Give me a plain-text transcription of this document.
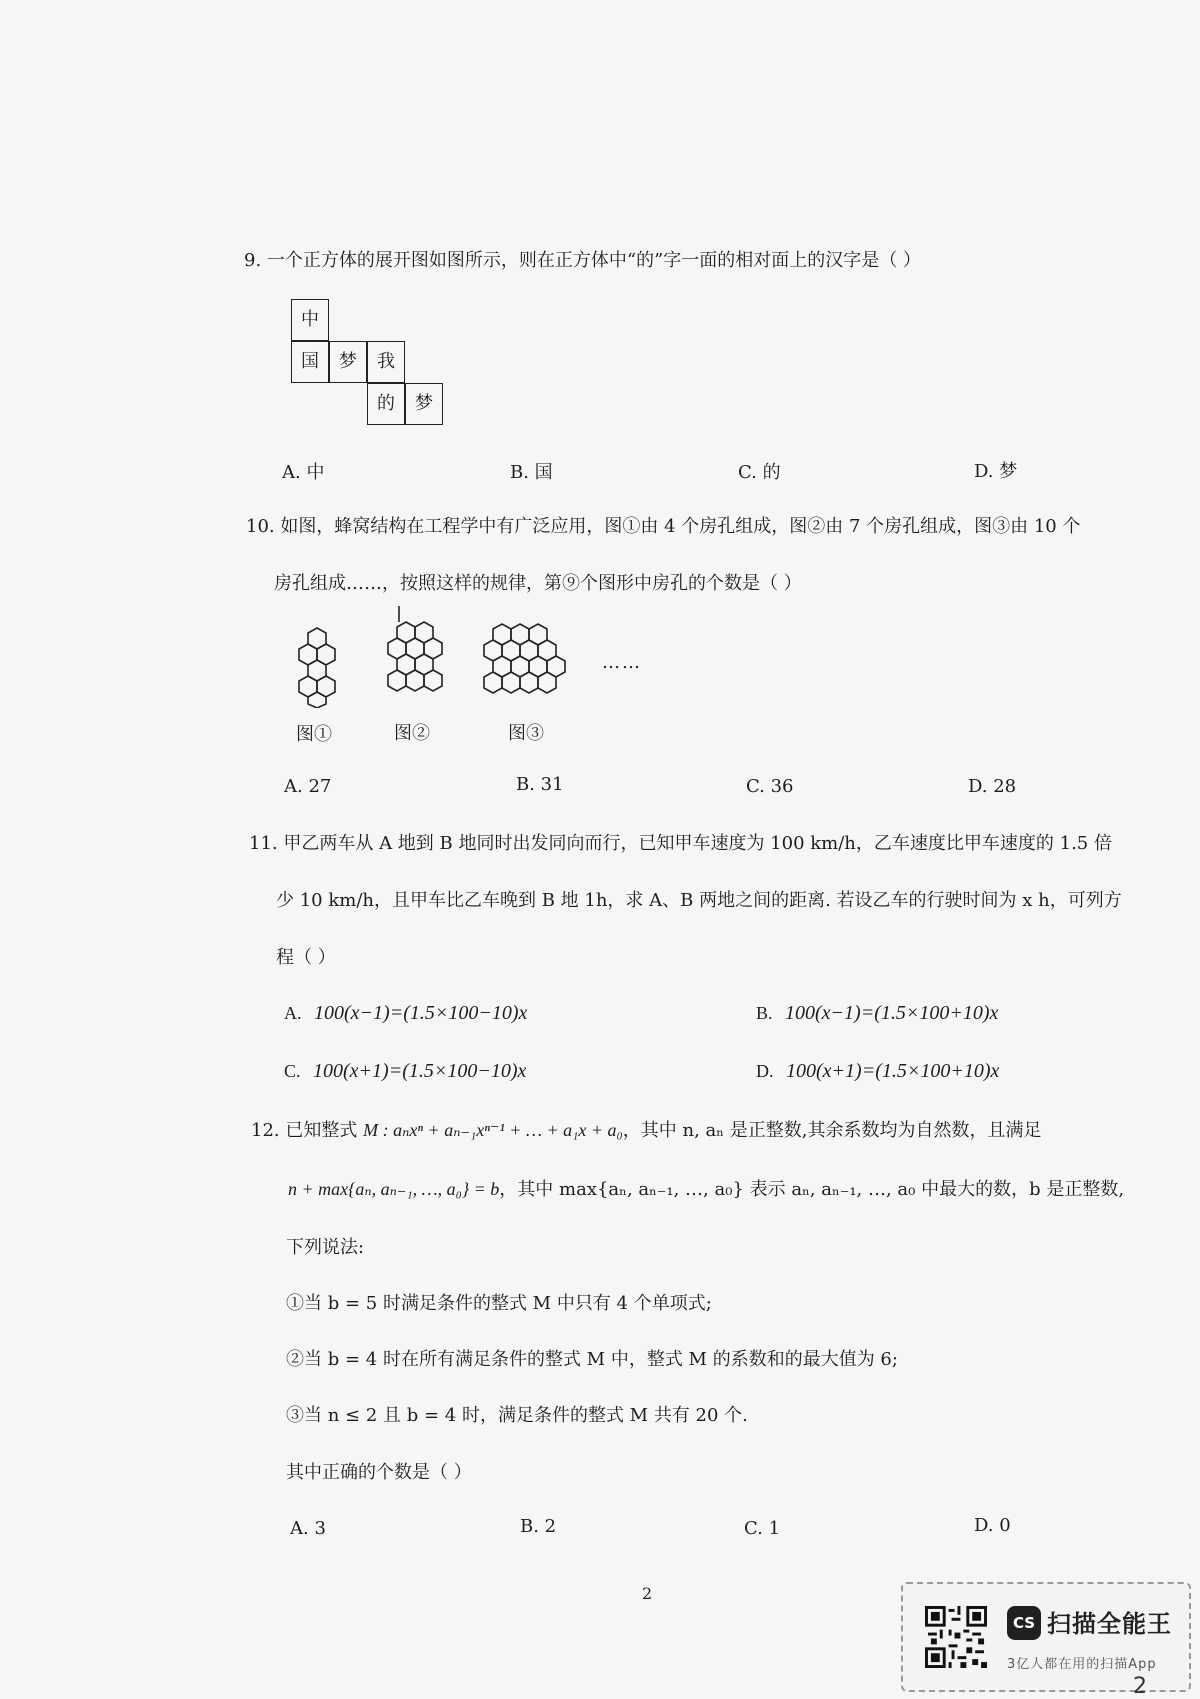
9. 一个正方体的展开图如图所示，则在正方体中“的”字一面的相对面上的汉字是（ ）
中
国	梦	我
的	梦
A. 中	B. 国	C. 的	D. 梦
10. 如图，蜂窝结构在工程学中有广泛应用，图①由 4 个房孔组成，图②由 7 个房孔组成，图③由 10 个
房孔组成……，按照这样的规律，第⑨个图形中房孔的个数是（ ）
……
图①	图②	图③
A. 27	B. 31	C. 36	D. 28
11. 甲乙两车从 A 地到 B 地同时出发同向而行，已知甲车速度为 100 km/h，乙车速度比甲车速度的 1.5 倍
少 10 km/h，且甲车比乙车晚到 B 地 1h，求 A、B 两地之间的距离. 若设乙车的行驶时间为 x h，可列方
程（ ）
A. 100(x−1)=(1.5×100−10)x	B. 100(x−1)=(1.5×100+10)x
C. 100(x+1)=(1.5×100−10)x	D. 100(x+1)=(1.5×100+10)x
12. 已知整式 M : aₙxⁿ + aₙ₋₁xⁿ⁻¹ + … + a₁x + a₀，其中 n, aₙ 是正整数,其余系数均为自然数，且满足
n + max{aₙ, aₙ₋₁, …, a₀} = b，其中 max{aₙ, aₙ₋₁, …, a₀} 表示 aₙ, aₙ₋₁, …, a₀ 中最大的数，b 是正整数,
下列说法:
①当 b = 5 时满足条件的整式 M 中只有 4 个单项式;
②当 b = 4 时在所有满足条件的整式 M 中，整式 M 的系数和的最大值为 6;
③当 n ≤ 2 且 b = 4 时，满足条件的整式 M 共有 20 个.
其中正确的个数是（ ）
A. 3	B. 2	C. 1	D. 0
2
CS 扫描全能王
3亿人都在用的扫描App
2
